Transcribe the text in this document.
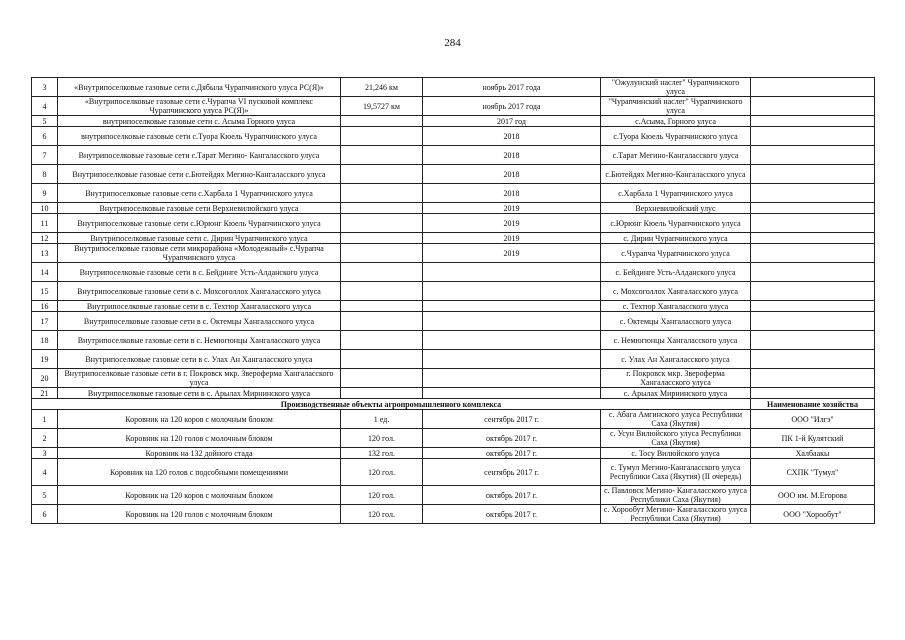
284
3	«Внутрипоселковые газовые сети с.Дябыла Чурапчинского улуса РС(Я)»	21,246 км	ноябрь 2017 года	"Ожулунский наслег" Чурапчинского улуса	
4	«Внутрипоселковые газовые сети с.Чурапча VI пусковой комплекс Чурапчинского улуса РС(Я)»	19,5727 км	ноябрь 2017 года	"Чурапчинский наслег" Чурапчинского улуса	
5	внутрипоселковые газовые сети с. Асыма Горного улуса		2017 год	с.Асыма, Горного улуса	
6	внутрипоселковые газовые сети с.Туора Кюель Чурапчинского улуса		2018	с.Туора Кюель Чурапчинского улуса	
7	Внутрипоселковые газовые сети с.Тарат Мегино- Кангаласского улуса		2018	с.Тарат Мегино-Кангаласского улуса	
8	Внутрипоселковые газовые сети с.Бютейдях Мегино-Кангаласского улуса		2018	с.Бютейдях Мегино-Кангаласского улуса	
9	Внутрипоселковые газовые сети с.Харбала 1 Чурапчинского улуса		2018	с.Харбала 1 Чурапчинского улуса	
10	Внутрипоселковые газовые сети Верхневилюйского улуса		2019	Верхневилюйский улус	
11	Внутрипоселковые газовые сети с.Юрюнг Кюель Чурапчинского улуса		2019	с.Юрюнг Кюель Чурапчинского улуса	
12	Внутрипоселковые газовые сети с. Дирин Чурапчинского улуса		2019	с. Дирин Чурапчинского улуса	
13	Внутрипоселковые газовые сети микрорайона «Молодежный» с.Чурапча Чурапчинского улуса		2019	с.Чурапча Чурапчинского улуса	
14	Внутрипоселковые газовые сети в с. Бейдинге Усть-Алданского улуса			с. Бейдинге Усть-Алданского улуса	
15	Внутрипоселковые газовые сети в с. Мохсоголлох Хангаласского улуса			с. Мохсоголлох Хангаласского улуса	
16	Внутрипоселковые газовые сети в с. Техтюр Хангаласского улуса			с. Техтюр Хангаласского улуса	
17	Внутрипоселковые газовые сети в с. Октемцы Хангаласского улуса			с. Октемцы Хангаласского улуса	
18	Внутрипоселковые газовые сети в с. Немюгюнцы Хангаласского улуса			с. Немюгюнцы Хангаласского улуса	
19	Внутрипоселковые газовые сети в с. Улах Ан Хангаласского улуса			с. Улах Ан Хангаласского улуса	
20	Внутрипоселковые газовые сети в г. Покровск мкр. Звероферма Хангаласского улуса			г. Покровск мкр. Звероферма Хангаласского улуса	
21	Внутрипоселковые газовые сети в с. Арылах Мирнинского улуса			с. Арылах Мирнинского улуса	
Производственные объекты агропромышленного комплекса					Наименование хозяйства
1	Коровник на 120 коров с молочным блоком	1 ед.	сентябрь 2017 г.	с. Абага Амгинского улуса Республики Саха (Якутия)	ООО "Илгэ"
2	Коровник на 120 голов с молочным блоком	120 гол.	октябрь 2017 г.	с. Усун Вилюйского улуса Республики Саха (Якутия)	ПК 1-й Кулятский
3	Коровник на 132 дойного стада	132 гол.	октябрь 2017 г.	с. Тосу Вилюйского улуса	Халбаакы
4	Коровник на 120 голов с подсобными помещениями	120 гол.	сентябрь 2017 г.	с. Тумул Мегино-Кангаласского улуса Республики Саха (Якутия) (II очередь)	СХПК "Тумул"
5	Коровник на 120 коров с молочным блоком	120 гол.	октябрь 2017 г.	с. Павловск Мегино- Кангаласского улуса Республики Саха (Якутия)	ООО им. М.Егорова
6	Коровник на 120 голов с молочным блоком	120 гол.	октябрь 2017 г.	с. Хорообут Мегино- Кангаласского улуса Республики Саха (Якутия)	ООО "Хорообут"
